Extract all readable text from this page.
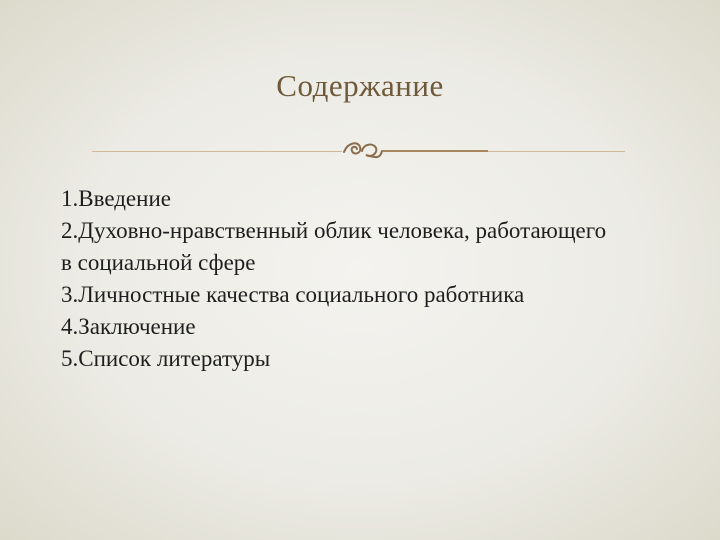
Содержание
1.Введение
2.Духовно-нравственный облик человека, работающего в социальной сфере
3.Личностные качества социального работника
4.Заключение
5.Список литературы
